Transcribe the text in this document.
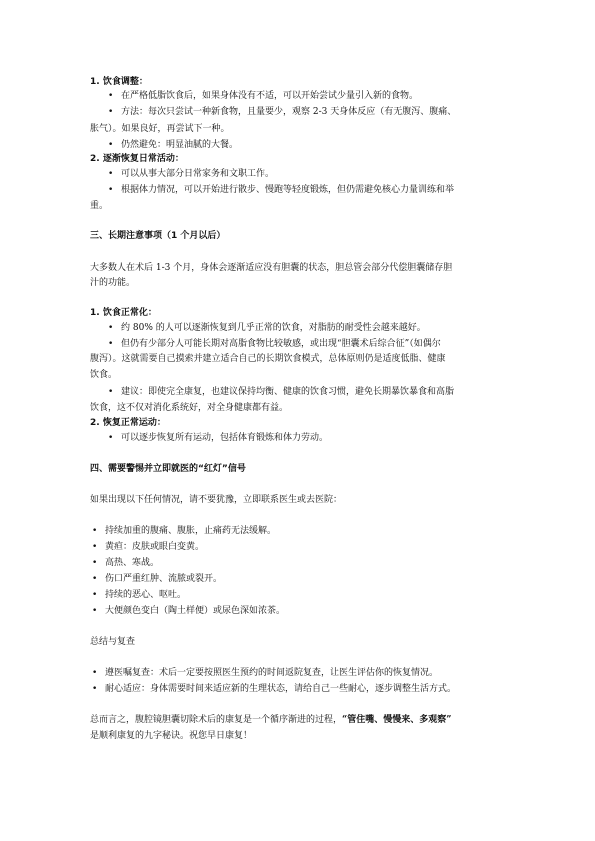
1. 饮食调整：
• 在严格低脂饮食后，如果身体没有不适，可以开始尝试少量引入新的食物。
• 方法：每次只尝试一种新食物，且量要少，观察 2-3 天身体反应（有无腹泻、腹痛、
胀气）。如果良好，再尝试下一种。
• 仍然避免：明显油腻的大餐。
2. 逐渐恢复日常活动：
• 可以从事大部分日常家务和文职工作。
• 根据体力情况，可以开始进行散步、慢跑等轻度锻炼，但仍需避免核心力量训练和举
重。
三、长期注意事项（1 个月以后）
大多数人在术后 1-3 个月，身体会逐渐适应没有胆囊的状态，胆总管会部分代偿胆囊储存胆
汁的功能。
1. 饮食正常化：
• 约 80% 的人可以逐渐恢复到几乎正常的饮食，对脂肪的耐受性会越来越好。
• 但仍有少部分人可能长期对高脂食物比较敏感，或出现“胆囊术后综合征”（如偶尔
腹泻）。这就需要自己摸索并建立适合自己的长期饮食模式，总体原则仍是适度低脂、健康
饮食。
• 建议：即使完全康复，也建议保持均衡、健康的饮食习惯，避免长期暴饮暴食和高脂
饮食，这不仅对消化系统好，对全身健康都有益。
2. 恢复正常运动：
• 可以逐步恢复所有运动，包括体育锻炼和体力劳动。
四、需要警惕并立即就医的“红灯”信号
如果出现以下任何情况，请不要犹豫，立即联系医生或去医院：
• 持续加重的腹痛、腹胀，止痛药无法缓解。
• 黄疸：皮肤或眼白变黄。
• 高热、寒战。
• 伤口严重红肿、流脓或裂开。
• 持续的恶心、呕吐。
• 大便颜色变白（陶土样便）或尿色深如浓茶。
总结与复查
• 遵医嘱复查：术后一定要按照医生预约的时间返院复查，让医生评估你的恢复情况。
• 耐心适应：身体需要时间来适应新的生理状态，请给自己一些耐心，逐步调整生活方式。
总而言之，腹腔镜胆囊切除术后的康复是一个循序渐进的过程，“管住嘴、慢慢来、多观察”
是顺利康复的九字秘诀。祝您早日康复！
